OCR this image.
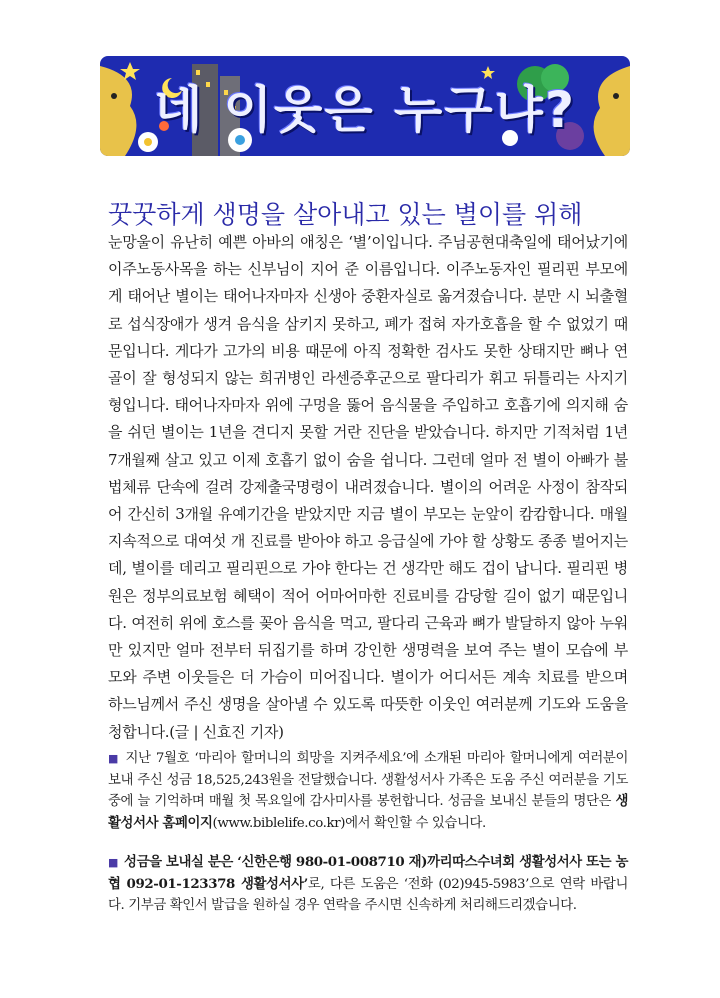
네 이웃은 누구냐?
꿋꿋하게 생명을 살아내고 있는 별이를 위해
눈망울이 유난히 예쁜 아바의 애칭은 ‘별’이입니다. 주님공현대축일에 태어났기에 이주노동사목을 하는 신부님이 지어 준 이름입니다. 이주노동자인 필리핀 부모에게 태어난 별이는 태어나자마자 신생아 중환자실로 옮겨졌습니다. 분만 시 뇌출혈로 섭식장애가 생겨 음식을 삼키지 못하고, 폐가 접혀 자가호흡을 할 수 없었기 때문입니다. 게다가 고가의 비용 때문에 아직 정확한 검사도 못한 상태지만 뼈나 연골이 잘 형성되지 않는 희귀병인 라센증후군으로 팔다리가 휘고 뒤틀리는 사지기형입니다. 태어나자마자 위에 구멍을 뚫어 음식물을 주입하고 호흡기에 의지해 숨을 쉬던 별이는 1년을 견디지 못할 거란 진단을 받았습니다. 하지만 기적처럼 1년 7개월째 살고 있고 이제 호흡기 없이 숨을 쉽니다. 그런데 얼마 전 별이 아빠가 불법체류 단속에 걸려 강제출국명령이 내려졌습니다. 별이의 어려운 사정이 참작되어 간신히 3개월 유예기간을 받았지만 지금 별이 부모는 눈앞이 캄캄합니다. 매월 지속적으로 대여섯 개 진료를 받아야 하고 응급실에 가야 할 상황도 종종 벌어지는데, 별이를 데리고 필리핀으로 가야 한다는 건 생각만 해도 겁이 납니다. 필리핀 병원은 정부의료보험 혜택이 적어 어마어마한 진료비를 감당할 길이 없기 때문입니다. 여전히 위에 호스를 꽂아 음식을 먹고, 팔다리 근육과 뼈가 발달하지 않아 누워만 있지만 얼마 전부터 뒤집기를 하며 강인한 생명력을 보여 주는 별이 모습에 부모와 주변 이웃들은 더 가슴이 미어집니다. 별이가 어디서든 계속 치료를 받으며 하느님께서 주신 생명을 살아낼 수 있도록 따뜻한 이웃인 여러분께 기도와 도움을 청합니다.(글 | 신효진 기자)
■ 지난 7월호 ‘마리아 할머니의 희망을 지켜주세요’에 소개된 마리아 할머니에게 여러분이 보내 주신 성금 18,525,243원을 전달했습니다. 생활성서사 가족은 도움 주신 여러분을 기도 중에 늘 기억하며 매월 첫 목요일에 감사미사를 봉헌합니다. 성금을 보내신 분들의 명단은 생활성서사 홈페이지(www.biblelife.co.kr)에서 확인할 수 있습니다.
■ 성금을 보내실 분은 ‘신한은행 980-01-008710 재)까리따스수녀회 생활성서사 또는 농협 092-01-123378 생활성서사’로, 다른 도움은 ‘전화 (02)945-5983’으로 연락 바랍니다. 기부금 확인서 발급을 원하실 경우 연락을 주시면 신속하게 처리해드리겠습니다.
